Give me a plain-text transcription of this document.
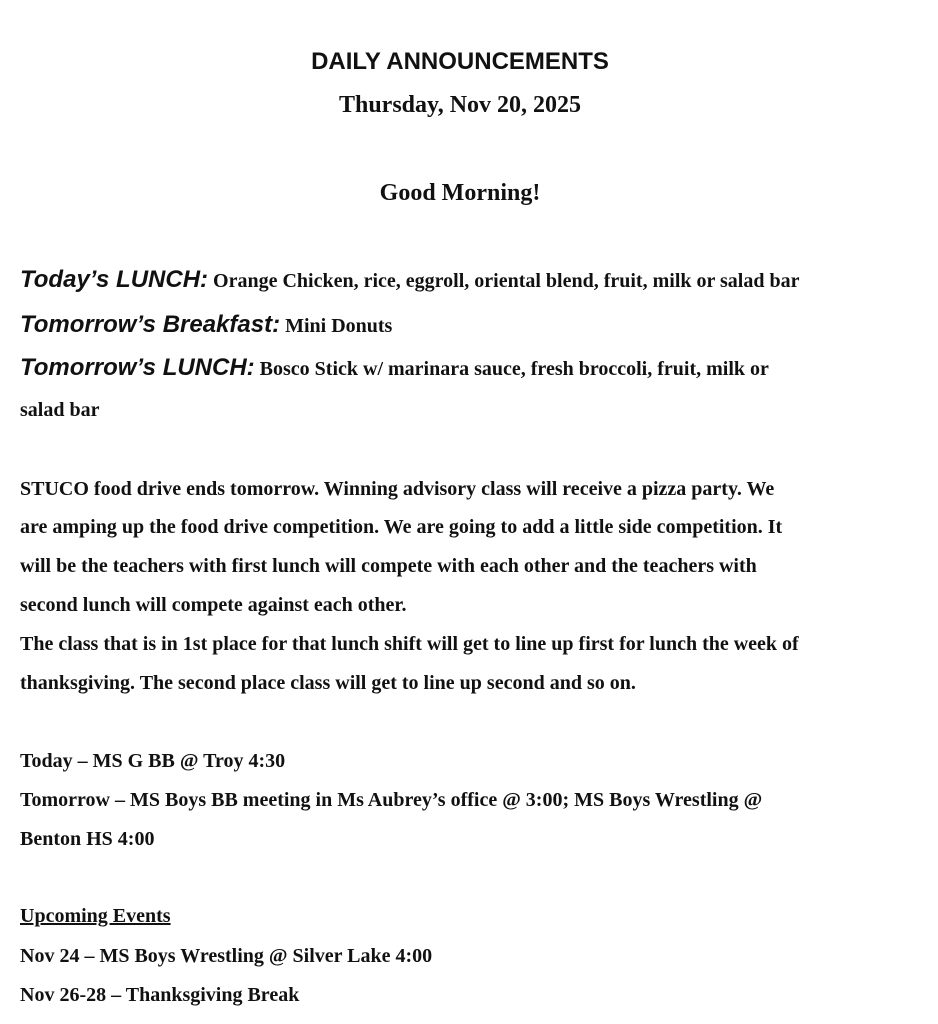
DAILY ANNOUNCEMENTS
Thursday, Nov 20, 2025
Good Morning!
Today’s LUNCH: Orange Chicken, rice, eggroll, oriental blend, fruit, milk or salad bar
Tomorrow’s Breakfast: Mini Donuts
Tomorrow’s LUNCH: Bosco Stick w/ marinara sauce, fresh broccoli, fruit, milk or
salad bar
STUCO food drive ends tomorrow. Winning advisory class will receive a pizza party. We
are amping up the food drive competition. We are going to add a little side competition. It
will be the teachers with first lunch will compete with each other and the teachers with
second lunch will compete against each other.
The class that is in 1st place for that lunch shift will get to line up first for lunch the week of
thanksgiving. The second place class will get to line up second and so on.
Today – MS G BB @ Troy 4:30
Tomorrow – MS Boys BB meeting in Ms Aubrey’s office @ 3:00; MS Boys Wrestling @
Benton HS 4:00
Upcoming Events
Nov 24 – MS Boys Wrestling @ Silver Lake 4:00
Nov 26-28 – Thanksgiving Break
